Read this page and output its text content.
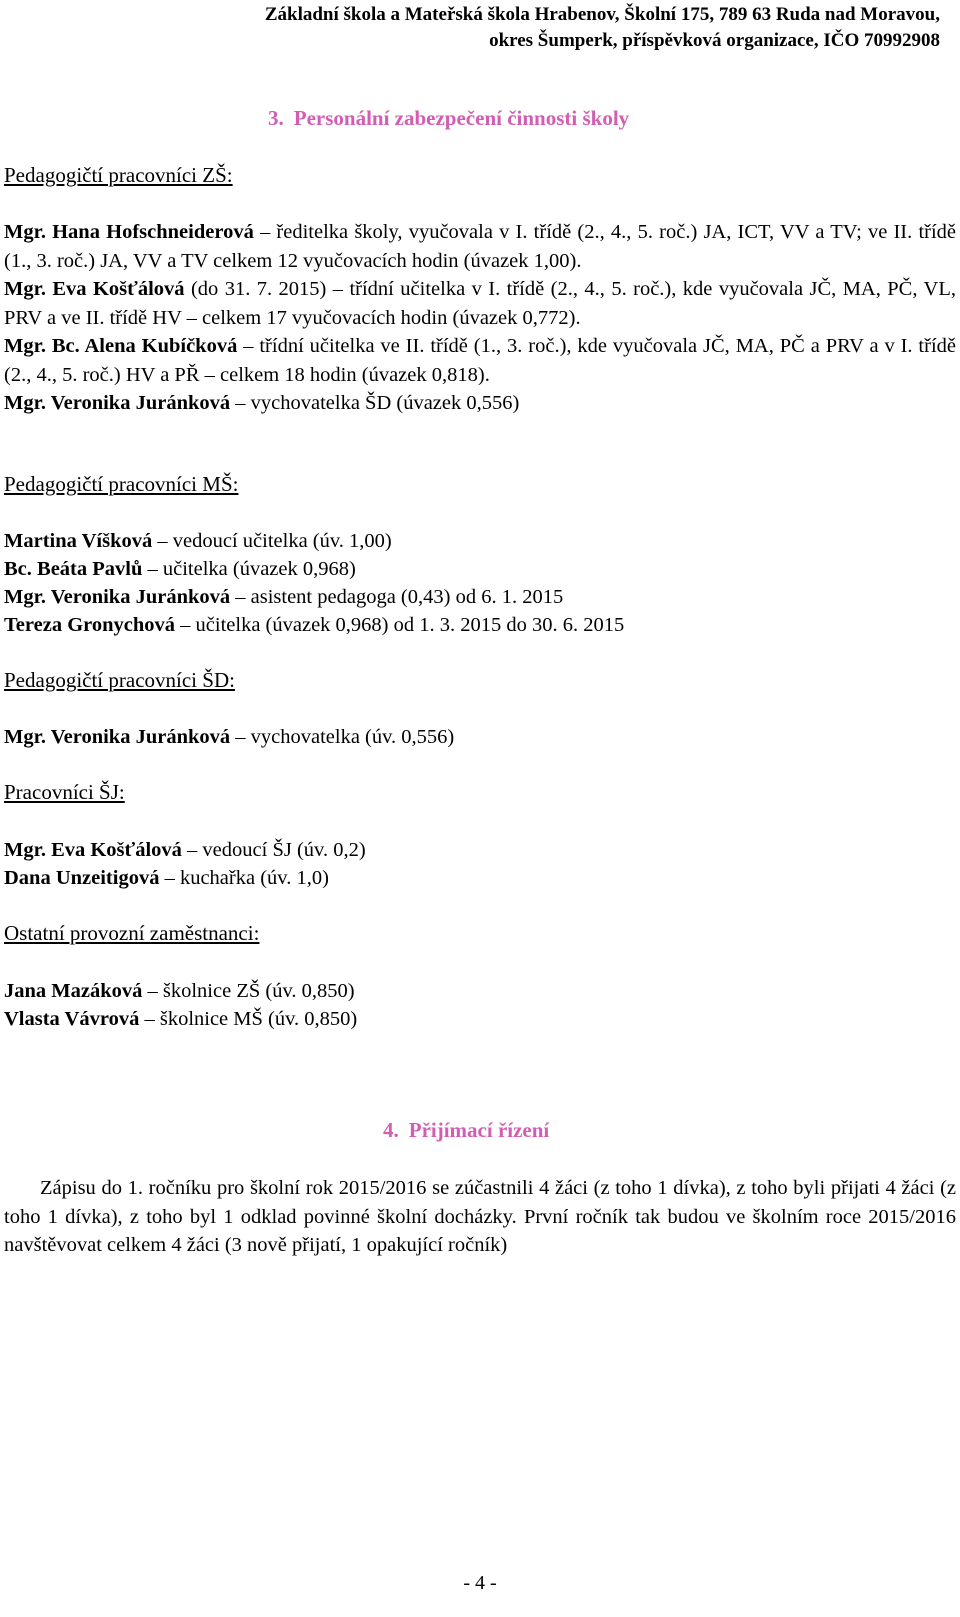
Základní škola a Mateřská škola Hrabenov, Školní 175, 789 63 Ruda nad Moravou,
okres Šumperk, příspěvková organizace, IČO 70992908
3. Personální zabezpečení činnosti školy
Pedagogičtí pracovníci ZŠ:
Mgr. Hana Hofschneiderová – ředitelka školy, vyučovala v I. třídě (2., 4., 5. roč.) JA, ICT, VV a TV; ve II. třídě (1., 3. roč.) JA, VV a TV celkem 12 vyučovacích hodin (úvazek 1,00).
Mgr. Eva Košťálová (do 31. 7. 2015) – třídní učitelka v I. třídě (2., 4., 5. roč.), kde vyučovala JČ, MA, PČ, VL, PRV a ve II. třídě HV – celkem 17 vyučovacích hodin (úvazek 0,772).
Mgr. Bc. Alena Kubíčková – třídní učitelka ve II. třídě (1., 3. roč.), kde vyučovala JČ, MA, PČ a PRV a v I. třídě (2., 4., 5. roč.) HV a PŘ – celkem 18 hodin (úvazek 0,818).
Mgr. Veronika Juránková – vychovatelka ŠD (úvazek 0,556)
Pedagogičtí pracovníci MŠ:
Martina Víšková – vedoucí učitelka (úv. 1,00)
Bc. Beáta Pavlů – učitelka (úvazek 0,968)
Mgr. Veronika Juránková – asistent pedagoga (0,43) od 6. 1. 2015
Tereza Gronychová – učitelka (úvazek 0,968) od 1. 3. 2015 do 30. 6. 2015
Pedagogičtí pracovníci ŠD:
Mgr. Veronika Juránková – vychovatelka (úv. 0,556)
Pracovníci ŠJ:
Mgr. Eva Košťálová – vedoucí ŠJ (úv. 0,2)
Dana Unzeitigová – kuchařka (úv. 1,0)
Ostatní provozní zaměstnanci:
Jana Mazáková – školnice ZŠ (úv. 0,850)
Vlasta Vávrová – školnice MŠ (úv. 0,850)
4. Přijímací řízení
Zápisu do 1. ročníku pro školní rok 2015/2016 se zúčastnili 4 žáci (z toho 1 dívka), z toho byli přijati 4 žáci (z toho 1 dívka), z toho byl 1 odklad povinné školní docházky. První ročník tak budou ve školním roce 2015/2016 navštěvovat celkem 4 žáci (3 nově přijatí, 1 opakující ročník)
- 4 -
